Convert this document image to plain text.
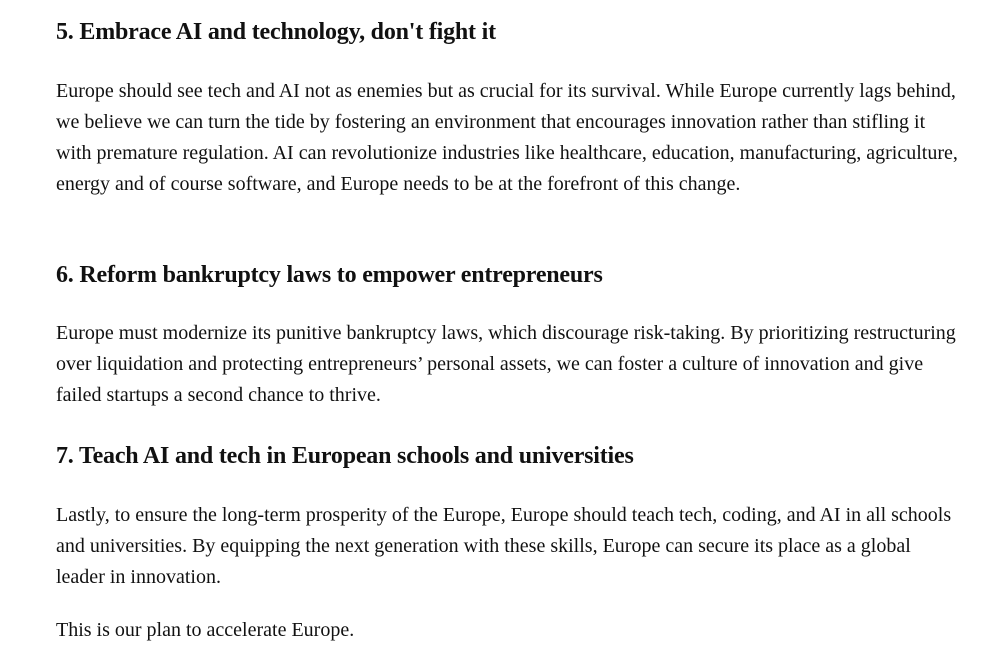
5. Embrace AI and technology, don't fight it

Europe should see tech and AI not as enemies but as crucial for its survival. While Europe currently lags behind, we believe we can turn the tide by fostering an environment that encourages innovation rather than stifling it with premature regulation. AI can revolutionize industries like healthcare, education, manufacturing, agriculture, energy and of course software, and Europe needs to be at the forefront of this change.

6. Reform bankruptcy laws to empower entrepreneurs

Europe must modernize its punitive bankruptcy laws, which discourage risk-taking. By prioritizing restructuring over liquidation and protecting entrepreneurs’ personal assets, we can foster a culture of innovation and give failed startups a second chance to thrive.

7. Teach AI and tech in European schools and universities

Lastly, to ensure the long-term prosperity of the Europe, Europe should teach tech, coding, and AI in all schools and universities. By equipping the next generation with these skills, Europe can secure its place as a global leader in innovation.

This is our plan to accelerate Europe.
